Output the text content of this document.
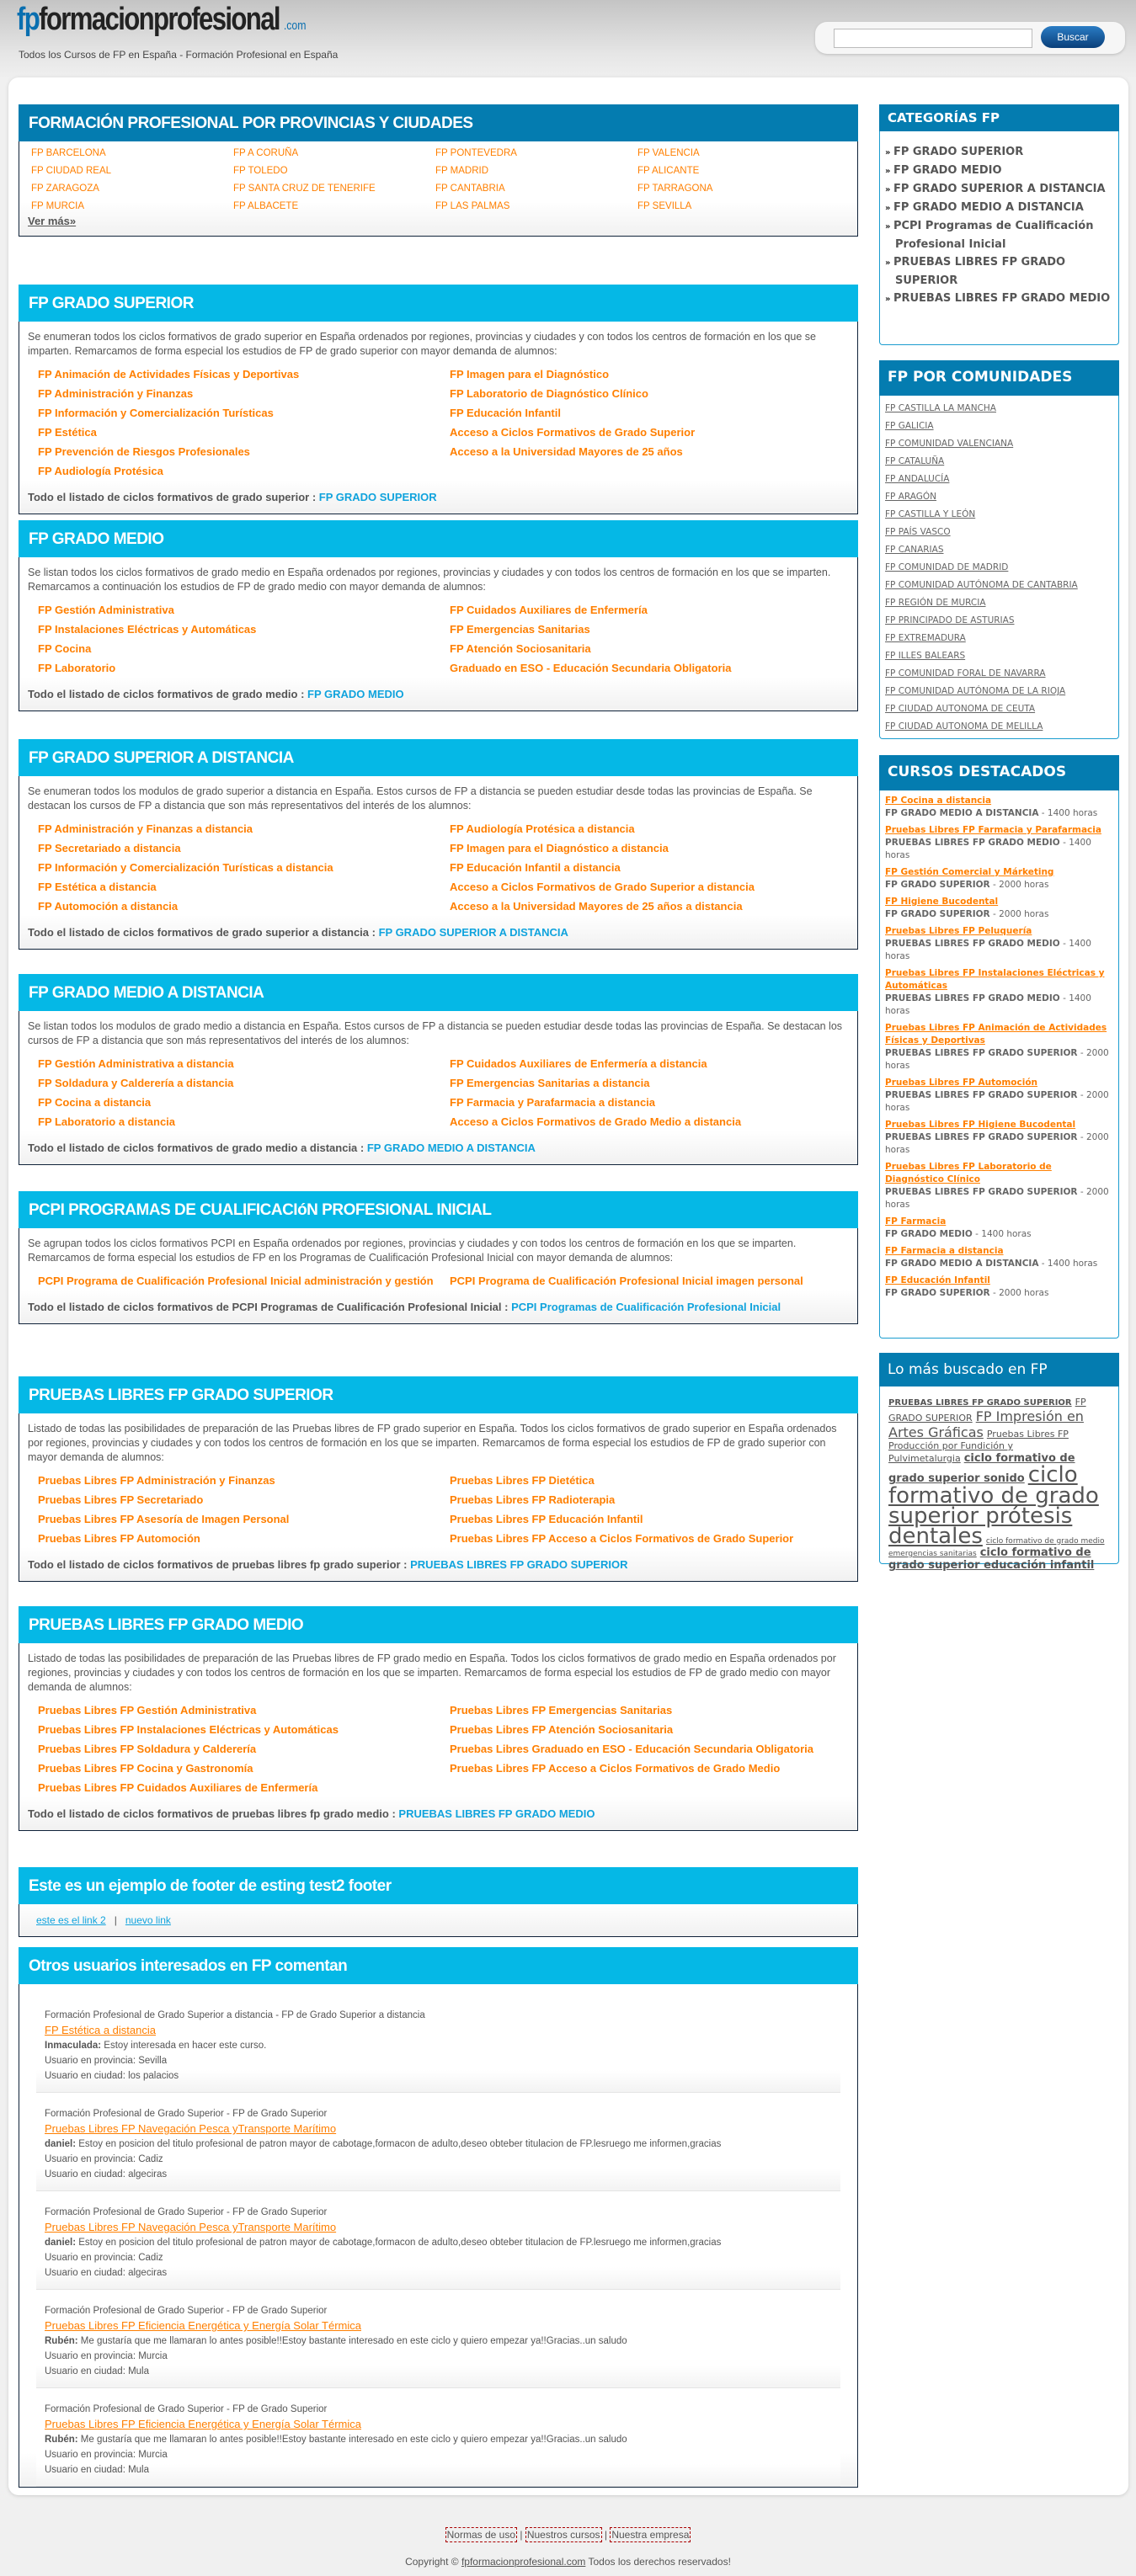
fpformacionprofesional .com
Todos los Cursos de FP en España - Formación Profesional en España
Buscar
FORMACIÓN PROFESIONAL POR PROVINCIAS Y CIUDADES
FP BARCELONA	FP A CORUÑA	FP PONTEVEDRA	FP VALENCIA
FP CIUDAD REAL	FP TOLEDO	FP MADRID	FP ALICANTE
FP ZARAGOZA	FP SANTA CRUZ DE TENERIFE	FP CANTABRIA	FP TARRAGONA
FP MURCIA	FP ALBACETE	FP LAS PALMAS	FP SEVILLA
Ver más»
FP GRADO SUPERIOR
Se enumeran todos los ciclos formativos de grado superior en España ordenados por regiones, provincias y ciudades y con todos los centros de formación en los que se imparten. Remarcamos de forma especial los estudios de FP de grado superior con mayor demanda de alumnos:
FP Animación de Actividades Físicas y Deportivas	FP Imagen para el Diagnóstico
FP Administración y Finanzas	FP Laboratorio de Diagnóstico Clínico
FP Información y Comercialización Turísticas	FP Educación Infantil
FP Estética	Acceso a Ciclos Formativos de Grado Superior
FP Prevención de Riesgos Profesionales	Acceso a la Universidad Mayores de 25 años
FP Audiología Protésica
Todo el listado de ciclos formativos de grado superior : FP GRADO SUPERIOR
FP GRADO MEDIO
Se listan todos los ciclos formativos de grado medio en España ordenados por regiones, provincias y ciudades y con todos los centros de formación en los que se imparten. Remarcamos a continuación los estudios de FP de grado medio con mayor demanda de alumnos:
FP Gestión Administrativa	FP Cuidados Auxiliares de Enfermería
FP Instalaciones Eléctricas y Automáticas	FP Emergencias Sanitarias
FP Cocina	FP Atención Sociosanitaria
FP Laboratorio	Graduado en ESO - Educación Secundaria Obligatoria
Todo el listado de ciclos formativos de grado medio : FP GRADO MEDIO
FP GRADO SUPERIOR A DISTANCIA
Se enumeran todos los modulos de grado superior a distancia en España. Estos cursos de FP a distancia se pueden estudiar desde todas las provincias de España. Se destacan los cursos de FP a distancia que son más representativos del interés de los alumnos:
FP Administración y Finanzas a distancia	FP Audiología Protésica a distancia
FP Secretariado a distancia	FP Imagen para el Diagnóstico a distancia
FP Información y Comercialización Turísticas a distancia	FP Educación Infantil a distancia
FP Estética a distancia	Acceso a Ciclos Formativos de Grado Superior a distancia
FP Automoción a distancia	Acceso a la Universidad Mayores de 25 años a distancia
Todo el listado de ciclos formativos de grado superior a distancia : FP GRADO SUPERIOR A DISTANCIA
FP GRADO MEDIO A DISTANCIA
Se listan todos los modulos de grado medio a distancia en España. Estos cursos de FP a distancia se pueden estudiar desde todas las provincias de España. Se destacan los cursos de FP a distancia que son más representativos del interés de los alumnos:
FP Gestión Administrativa a distancia	FP Cuidados Auxiliares de Enfermería a distancia
FP Soldadura y Calderería a distancia	FP Emergencias Sanitarias a distancia
FP Cocina a distancia	FP Farmacia y Parafarmacia a distancia
FP Laboratorio a distancia	Acceso a Ciclos Formativos de Grado Medio a distancia
Todo el listado de ciclos formativos de grado medio a distancia : FP GRADO MEDIO A DISTANCIA
PCPI PROGRAMAS DE CUALIFICACIóN PROFESIONAL INICIAL
Se agrupan todos los ciclos formativos PCPI en España ordenados por regiones, provincias y ciudades y con todos los centros de formación en los que se imparten. Remarcamos de forma especial los estudios de FP en los Programas de Cualificación Profesional Inicial con mayor demanda de alumnos:
PCPI Programa de Cualificación Profesional Inicial administración y gestión	PCPI Programa de Cualificación Profesional Inicial imagen personal
Todo el listado de ciclos formativos de PCPI Programas de Cualificación Profesional Inicial : PCPI Programas de Cualificación Profesional Inicial
PRUEBAS LIBRES FP GRADO SUPERIOR
Listado de todas las posibilidades de preparación de las Pruebas libres de FP grado superior en España. Todos los ciclos formativos de grado superior en España ordenados por regiones, provincias y ciudades y con todos los centros de formación en los que se imparten. Remarcamos de forma especial los estudios de FP de grado superior con mayor demanda de alumnos:
Pruebas Libres FP Administración y Finanzas	Pruebas Libres FP Dietética
Pruebas Libres FP Secretariado	Pruebas Libres FP Radioterapia
Pruebas Libres FP Asesoría de Imagen Personal	Pruebas Libres FP Educación Infantil
Pruebas Libres FP Automoción	Pruebas Libres FP Acceso a Ciclos Formativos de Grado Superior
Todo el listado de ciclos formativos de pruebas libres fp grado superior : PRUEBAS LIBRES FP GRADO SUPERIOR
PRUEBAS LIBRES FP GRADO MEDIO
Listado de todas las posibilidades de preparación de las Pruebas libres de FP grado medio en España. Todos los ciclos formativos de grado medio en España ordenados por regiones, provincias y ciudades y con todos los centros de formación en los que se imparten. Remarcamos de forma especial los estudios de FP de grado medio con mayor demanda de alumnos:
Pruebas Libres FP Gestión Administrativa	Pruebas Libres FP Emergencias Sanitarias
Pruebas Libres FP Instalaciones Eléctricas y Automáticas	Pruebas Libres FP Atención Sociosanitaria
Pruebas Libres FP Soldadura y Calderería	Pruebas Libres Graduado en ESO - Educación Secundaria Obligatoria
Pruebas Libres FP Cocina y Gastronomía	Pruebas Libres FP Acceso a Ciclos Formativos de Grado Medio
Pruebas Libres FP Cuidados Auxiliares de Enfermería
Todo el listado de ciclos formativos de pruebas libres fp grado medio : PRUEBAS LIBRES FP GRADO MEDIO
Este es un ejemplo de footer de esting test2 footer
este es el link 2 | nuevo link
Otros usuarios interesados en FP comentan
Formación Profesional de Grado Superior a distancia - FP de Grado Superior a distancia
FP Estética a distancia
Inmaculada: Estoy interesada en hacer este curso.
Usuario en provincia: Sevilla
Usuario en ciudad: los palacios
Formación Profesional de Grado Superior - FP de Grado Superior
Pruebas Libres FP Navegación Pesca yTransporte Marítimo
daniel: Estoy en posicion del titulo profesional de patron mayor de cabotage,formacon de adulto,deseo obteber titulacion de FP.lesruego me informen,gracias
Usuario en provincia: Cadiz
Usuario en ciudad: algeciras
Formación Profesional de Grado Superior - FP de Grado Superior
Pruebas Libres FP Navegación Pesca yTransporte Marítimo
daniel: Estoy en posicion del titulo profesional de patron mayor de cabotage,formacon de adulto,deseo obteber titulacion de FP.lesruego me informen,gracias
Usuario en provincia: Cadiz
Usuario en ciudad: algeciras
Formación Profesional de Grado Superior - FP de Grado Superior
Pruebas Libres FP Eficiencia Energética y Energía Solar Térmica
Rubén: Me gustaría que me llamaran lo antes posible!!Estoy bastante interesado en este ciclo y quiero empezar ya!!Gracias..un saludo
Usuario en provincia: Murcia
Usuario en ciudad: Mula
Formación Profesional de Grado Superior - FP de Grado Superior
Pruebas Libres FP Eficiencia Energética y Energía Solar Térmica
Rubén: Me gustaría que me llamaran lo antes posible!!Estoy bastante interesado en este ciclo y quiero empezar ya!!Gracias..un saludo
Usuario en provincia: Murcia
Usuario en ciudad: Mula
CATEGORÍAS FP
» FP GRADO SUPERIOR
» FP GRADO MEDIO
» FP GRADO SUPERIOR A DISTANCIA
» FP GRADO MEDIO A DISTANCIA
» PCPI Programas de Cualificación Profesional Inicial
» PRUEBAS LIBRES FP GRADO SUPERIOR
» PRUEBAS LIBRES FP GRADO MEDIO
FP POR COMUNIDADES
FP CASTILLA LA MANCHA
FP GALICIA
FP COMUNIDAD VALENCIANA
FP CATALUÑA
FP ANDALUCÍA
FP ARAGÓN
FP CASTILLA Y LEÓN
FP PAÍS VASCO
FP CANARIAS
FP COMUNIDAD DE MADRID
FP COMUNIDAD AUTÓNOMA DE CANTABRIA
FP REGIÓN DE MURCIA
FP PRINCIPADO DE ASTURIAS
FP EXTREMADURA
FP ILLES BALEARS
FP COMUNIDAD FORAL DE NAVARRA
FP COMUNIDAD AUTÓNOMA DE LA RIOJA
FP CIUDAD AUTONOMA DE CEUTA
FP CIUDAD AUTONOMA DE MELILLA
CURSOS DESTACADOS
FP Cocina a distancia
FP GRADO MEDIO A DISTANCIA - 1400 horas
Pruebas Libres FP Farmacia y Parafarmacia
PRUEBAS LIBRES FP GRADO MEDIO - 1400 horas
FP Gestión Comercial y Márketing
FP GRADO SUPERIOR - 2000 horas
FP Higiene Bucodental
FP GRADO SUPERIOR - 2000 horas
Pruebas Libres FP Peluquería
PRUEBAS LIBRES FP GRADO MEDIO - 1400 horas
Pruebas Libres FP Instalaciones Eléctricas y Automáticas
PRUEBAS LIBRES FP GRADO MEDIO - 1400 horas
Pruebas Libres FP Animación de Actividades Físicas y Deportivas
PRUEBAS LIBRES FP GRADO SUPERIOR - 2000 horas
Pruebas Libres FP Automoción
PRUEBAS LIBRES FP GRADO SUPERIOR - 2000 horas
Pruebas Libres FP Higiene Bucodental
PRUEBAS LIBRES FP GRADO SUPERIOR - 2000 horas
Pruebas Libres FP Laboratorio de Diagnóstico Clínico
PRUEBAS LIBRES FP GRADO SUPERIOR - 2000 horas
FP Farmacia
FP GRADO MEDIO - 1400 horas
FP Farmacia a distancia
FP GRADO MEDIO A DISTANCIA - 1400 horas
FP Educación Infantil
FP GRADO SUPERIOR - 2000 horas
Lo más buscado en FP
PRUEBAS LIBRES FP GRADO SUPERIOR FP GRADO SUPERIOR FP Impresión en Artes Gráficas Pruebas Libres FP Producción por Fundición y Pulvimetalurgia ciclo formativo de grado superior sonido ciclo formativo de grado superior prótesis dentales ciclo formativo de grado medio emergencias sanitarias ciclo formativo de grado superior educación infantil
Normas de uso | Nuestros cursos | Nuestra empresa
Copyright © fpformacionprofesional.com Todos los derechos reservados!
